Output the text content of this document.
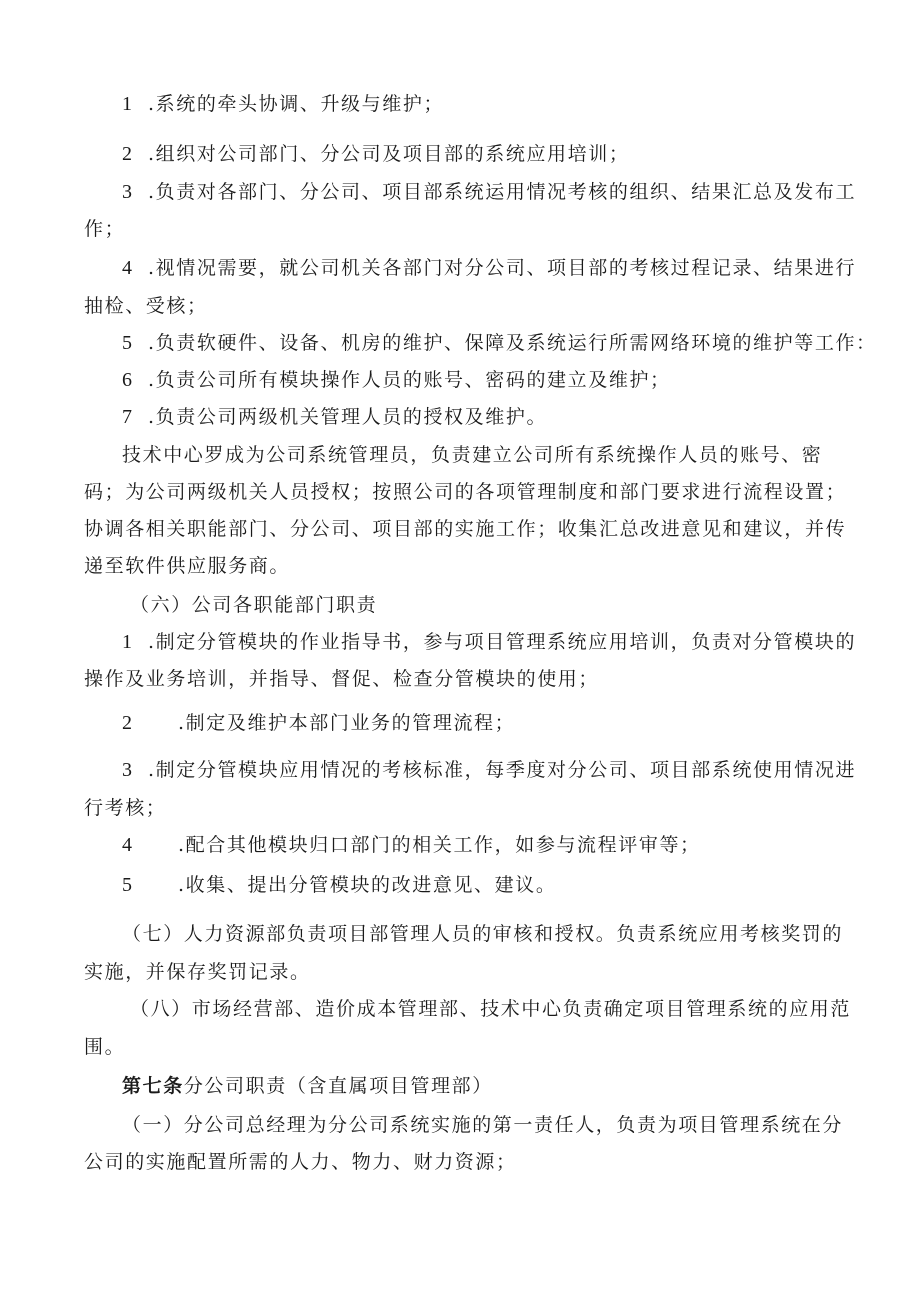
1 .系统的牵头协调、升级与维护；
2 .组织对公司部门、分公司及项目部的系统应用培训；
3 .负责对各部门、分公司、项目部系统运用情况考核的组织、结果汇总及发布工
作；
4 .视情况需要，就公司机关各部门对分公司、项目部的考核过程记录、结果进行
抽检、受核；
5 .负责软硬件、设备、机房的维护、保障及系统运行所需网络环境的维护等工作：
6 .负责公司所有模块操作人员的账号、密码的建立及维护；
7 .负责公司两级机关管理人员的授权及维护。
技术中心罗成为公司系统管理员，负责建立公司所有系统操作人员的账号、密
码；为公司两级机关人员授权；按照公司的各项管理制度和部门要求进行流程设置；
协调各相关职能部门、分公司、项目部的实施工作；收集汇总改进意见和建议，并传
递至软件供应服务商。
（六）公司各职能部门职责
1 .制定分管模块的作业指导书，参与项目管理系统应用培训，负责对分管模块的
操作及业务培训，并指导、督促、检查分管模块的使用；
2 .制定及维护本部门业务的管理流程；
3 .制定分管模块应用情况的考核标准，每季度对分公司、项目部系统使用情况进
行考核；
4 .配合其他模块归口部门的相关工作，如参与流程评审等；
5 .收集、提出分管模块的改进意见、建议。
（七）人力资源部负责项目部管理人员的审核和授权。负责系统应用考核奖罚的
实施，并保存奖罚记录。
（八）市场经营部、造价成本管理部、技术中心负责确定项目管理系统的应用范
围。
第七条分公司职责（含直属项目管理部）
（一）分公司总经理为分公司系统实施的第一责任人，负责为项目管理系统在分
公司的实施配置所需的人力、物力、财力资源；
